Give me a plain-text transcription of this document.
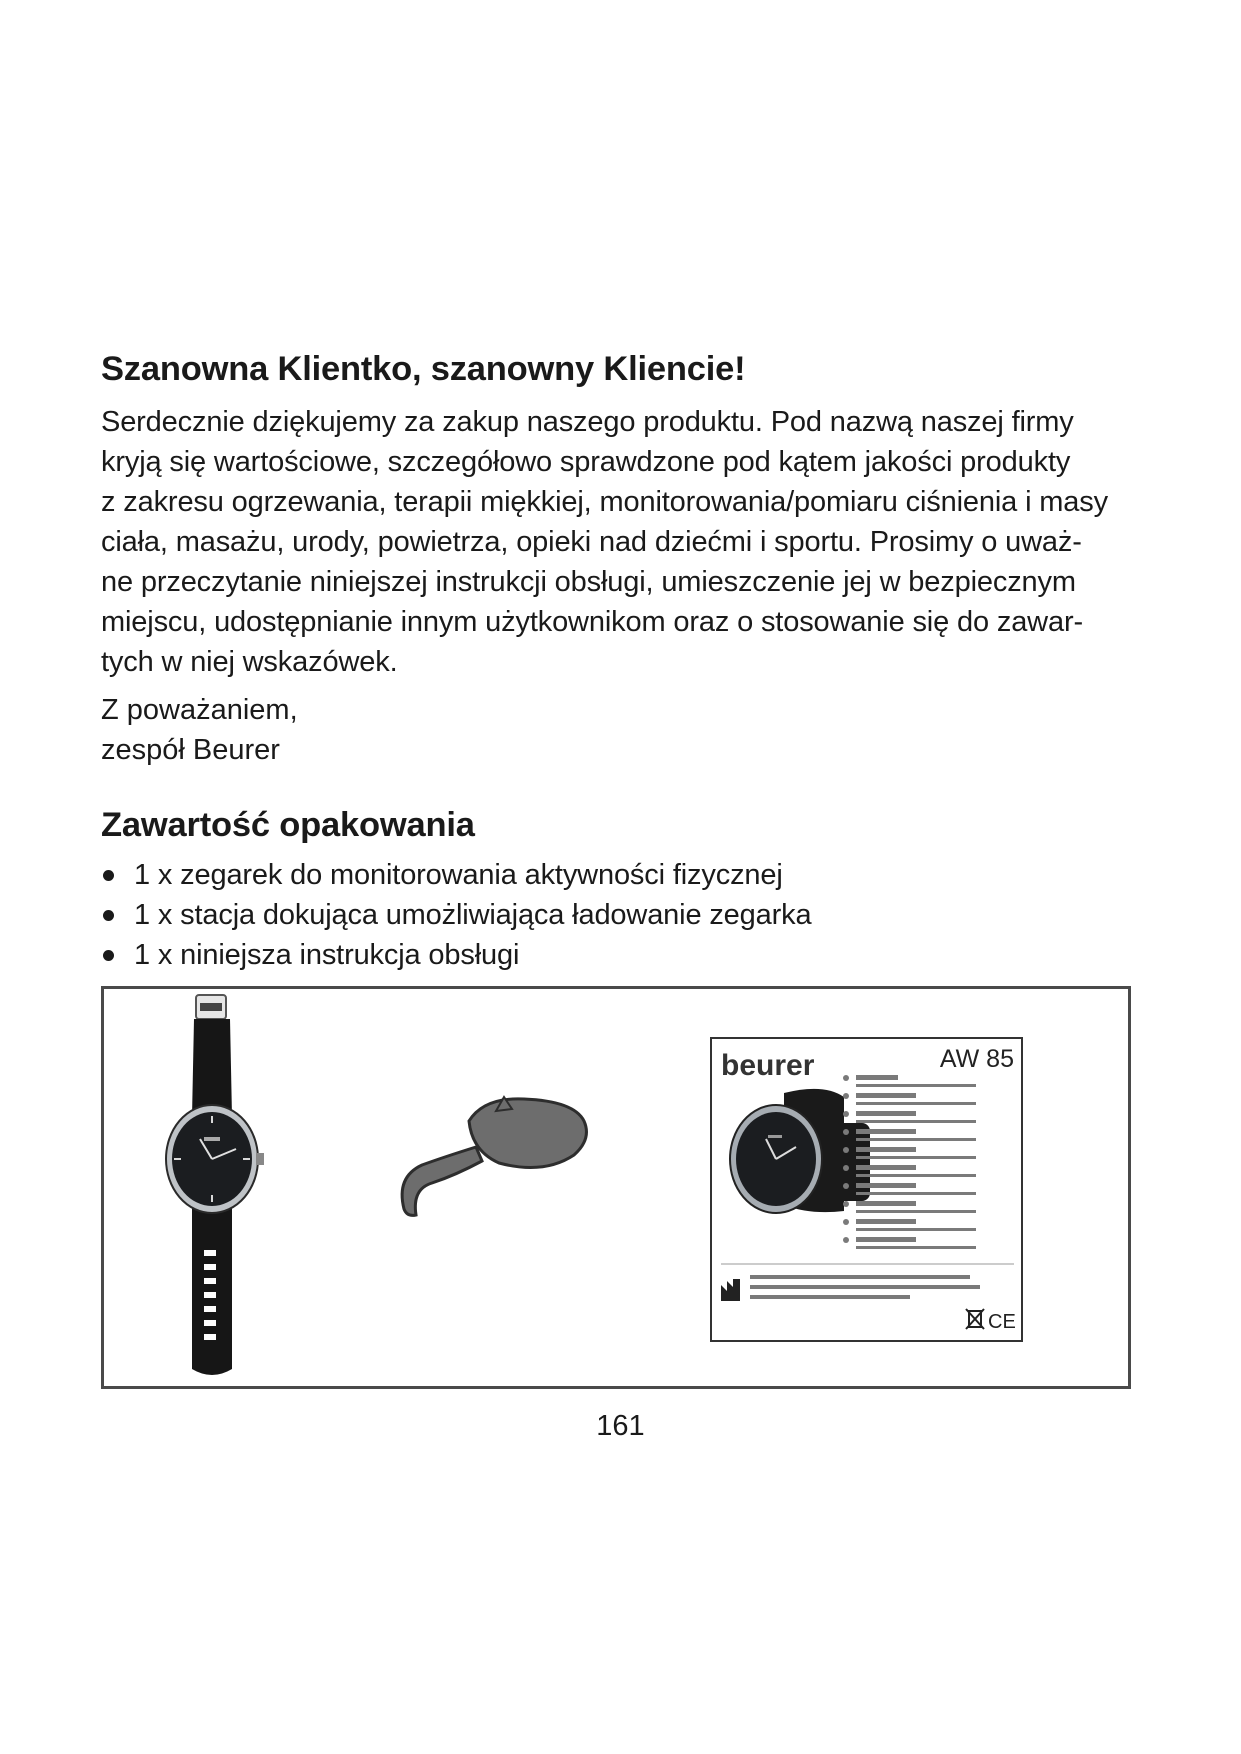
Szanowna Klientko, szanowny Kliencie!

Serdecznie dziękujemy za zakup naszego produktu. Pod nazwą naszej firmy
kryją się wartościowe, szczegółowo sprawdzone pod kątem jakości produkty
z zakresu ogrzewania, terapii miękkiej, monitorowania/pomiaru ciśnienia i masy
ciała, masażu, urody, powietrza, opieki nad dziećmi i sportu. Prosimy o uważ-
ne przeczytanie niniejszej instrukcji obsługi, umieszczenie jej w bezpiecznym
miejscu, udostępnianie innym użytkownikom oraz o stosowanie się do zawar-
tych w niej wskazówek.

Z poważaniem,
zespół Beurer

Zawartość opakowania
1 x zegarek do monitorowania aktywności fizycznej
1 x stacja dokująca umożliwiająca ładowanie zegarka
1 x niniejsza instrukcja obsługi
beurer	AW 85
CE
161
